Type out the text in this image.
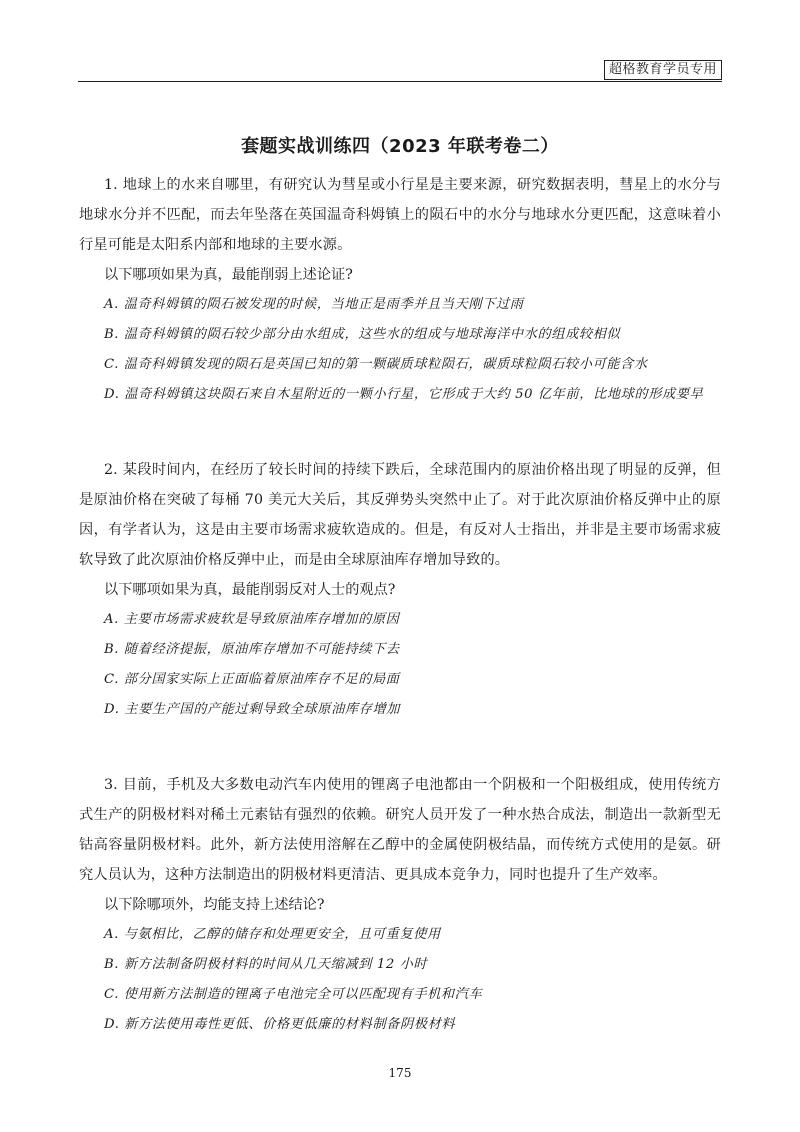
超格教育学员专用
套题实战训练四（2023 年联考卷二）

1. 地球上的水来自哪里，有研究认为彗星或小行星是主要来源，研究数据表明，彗星上的水分与地球水分并不匹配，而去年坠落在英国温奇科姆镇上的陨石中的水分与地球水分更匹配，这意味着小行星可能是太阳系内部和地球的主要水源。

以下哪项如果为真，最能削弱上述论证?

A. 温奇科姆镇的陨石被发现的时候，当地正是雨季并且当天刚下过雨

B. 温奇科姆镇的陨石较少部分由水组成，这些水的组成与地球海洋中水的组成较相似

C. 温奇科姆镇发现的陨石是英国已知的第一颗碳质球粒陨石，碳质球粒陨石较小可能含水

D. 温奇科姆镇这块陨石来自木星附近的一颗小行星，它形成于大约 50 亿年前，比地球的形成要早

2. 某段时间内，在经历了较长时间的持续下跌后，全球范围内的原油价格出现了明显的反弹，但是原油价格在突破了每桶 70 美元大关后，其反弹势头突然中止了。对于此次原油价格反弹中止的原因，有学者认为，这是由主要市场需求疲软造成的。但是，有反对人士指出，并非是主要市场需求疲软导致了此次原油价格反弹中止，而是由全球原油库存增加导致的。

以下哪项如果为真，最能削弱反对人士的观点?

A. 主要市场需求疲软是导致原油库存增加的原因

B. 随着经济提振，原油库存增加不可能持续下去

C. 部分国家实际上正面临着原油库存不足的局面

D. 主要生产国的产能过剩导致全球原油库存增加

3. 目前，手机及大多数电动汽车内使用的锂离子电池都由一个阴极和一个阳极组成，使用传统方式生产的阴极材料对稀土元素钴有强烈的依赖。研究人员开发了一种水热合成法，制造出一款新型无钴高容量阴极材料。此外，新方法使用溶解在乙醇中的金属使阴极结晶，而传统方式使用的是氨。研究人员认为，这种方法制造出的阴极材料更清洁、更具成本竞争力，同时也提升了生产效率。

以下除哪项外，均能支持上述结论?

A. 与氨相比，乙醇的储存和处理更安全，且可重复使用

B. 新方法制备阴极材料的时间从几天缩减到 12 小时

C. 使用新方法制造的锂离子电池完全可以匹配现有手机和汽车

D. 新方法使用毒性更低、价格更低廉的材料制备阴极材料

175
